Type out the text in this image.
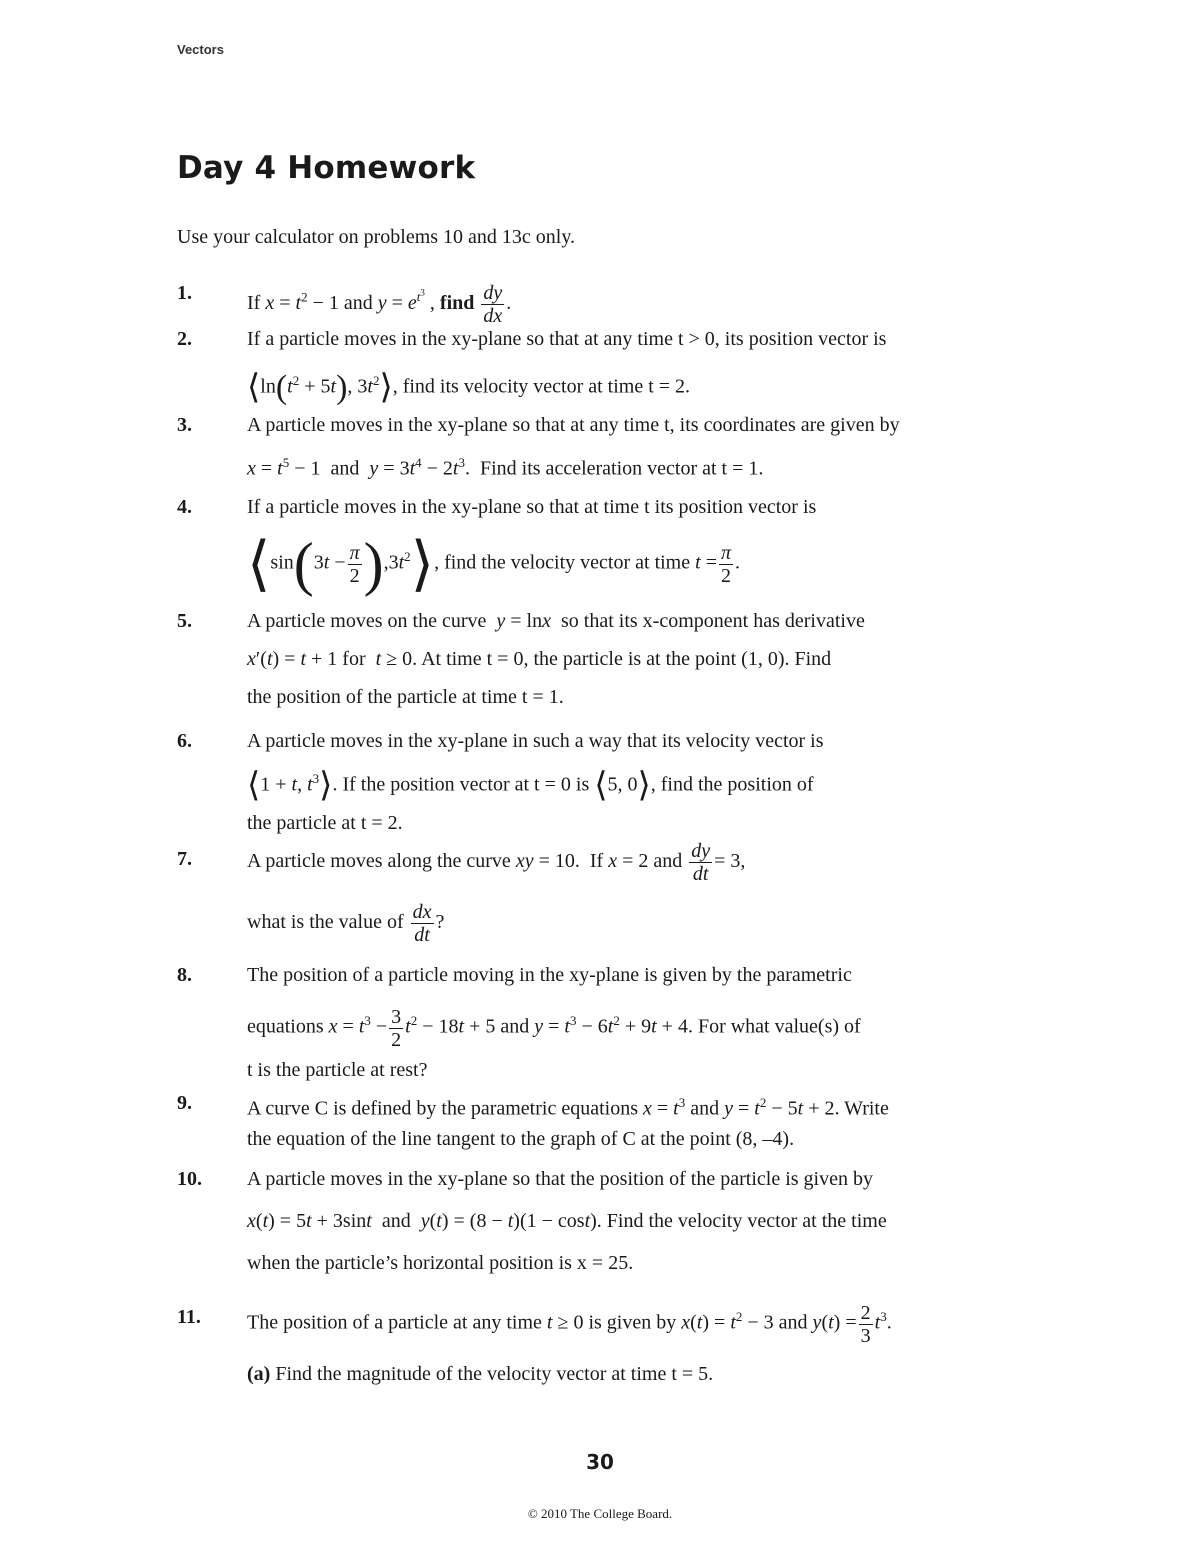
Vectors
Day 4 Homework
Use your calculator on problems 10 and 13c only.
1.	If $x = t^2 - 1$ and $y = e^{t^3}$ , find $\frac{dy}{dx}$ .
2.	If a particle moves in the xy-plane so that at any time t > 0, its position vector is
$⟨\ln(t^2 + 5t)$, $3t^2⟩$, find its velocity vector at time t = 2.
3.	A particle moves in the xy-plane so that at any time t, its coordinates are given by
$x = t^5 - 1$  and $y = 3t^4 - 2t^3$.  Find its acceleration vector at t = 1.
4.	If a particle moves in the xy-plane so that at time t its position vector is
⟨sin(3t − $\frac{\pi}{2}$ )$,3t^2⟩$, find the velocity vector at time $t = \frac{\pi}{2}$ .
5.	A particle moves on the curve y = lnx so that its x-component has derivative
x′(t) = t + 1 for t ≥ 0. At time t = 0, the particle is at the point (1, 0). Find
the position of the particle at time t = 1.
6.	A particle moves in the xy-plane in such a way that its velocity vector is
⟨1 + t, $t^3⟩$. If the position vector at t = 0 is ⟨5, 0⟩, find the position of
the particle at t = 2.
7.	A particle moves along the curve xy = 10.  If x = 2 and $\frac{dy}{dt} = 3$,
what is the value of $\frac{dx}{dt}$ ?
8.	The position of a particle moving in the xy-plane is given by the parametric
equations $x = t^3 - \frac{3}{2} t^2 - 18t + 5$ and $y = t^3 - 6t^2 + 9t + 4$. For what value(s) of
t is the particle at rest?
9.	A curve C is defined by the parametric equations $x = t^3$ and $y = t^2 - 5t + 2$. Write
the equation of the line tangent to the graph of C at the point (8, –4).
10. A particle moves in the xy-plane so that the position of the particle is given by
x(t) = 5t + 3sint and y(t) = (8 − t)(1 − cost). Find the velocity vector at the time
when the particle’s horizontal position is x = 25.
11. The position of a particle at any time t ≥ 0 is given by $x(t) = t^2 - 3$ and $y(t) = \frac{2}{3} t^3$.
(a) Find the magnitude of the velocity vector at time t = 5.
30
© 2010 The College Board.
